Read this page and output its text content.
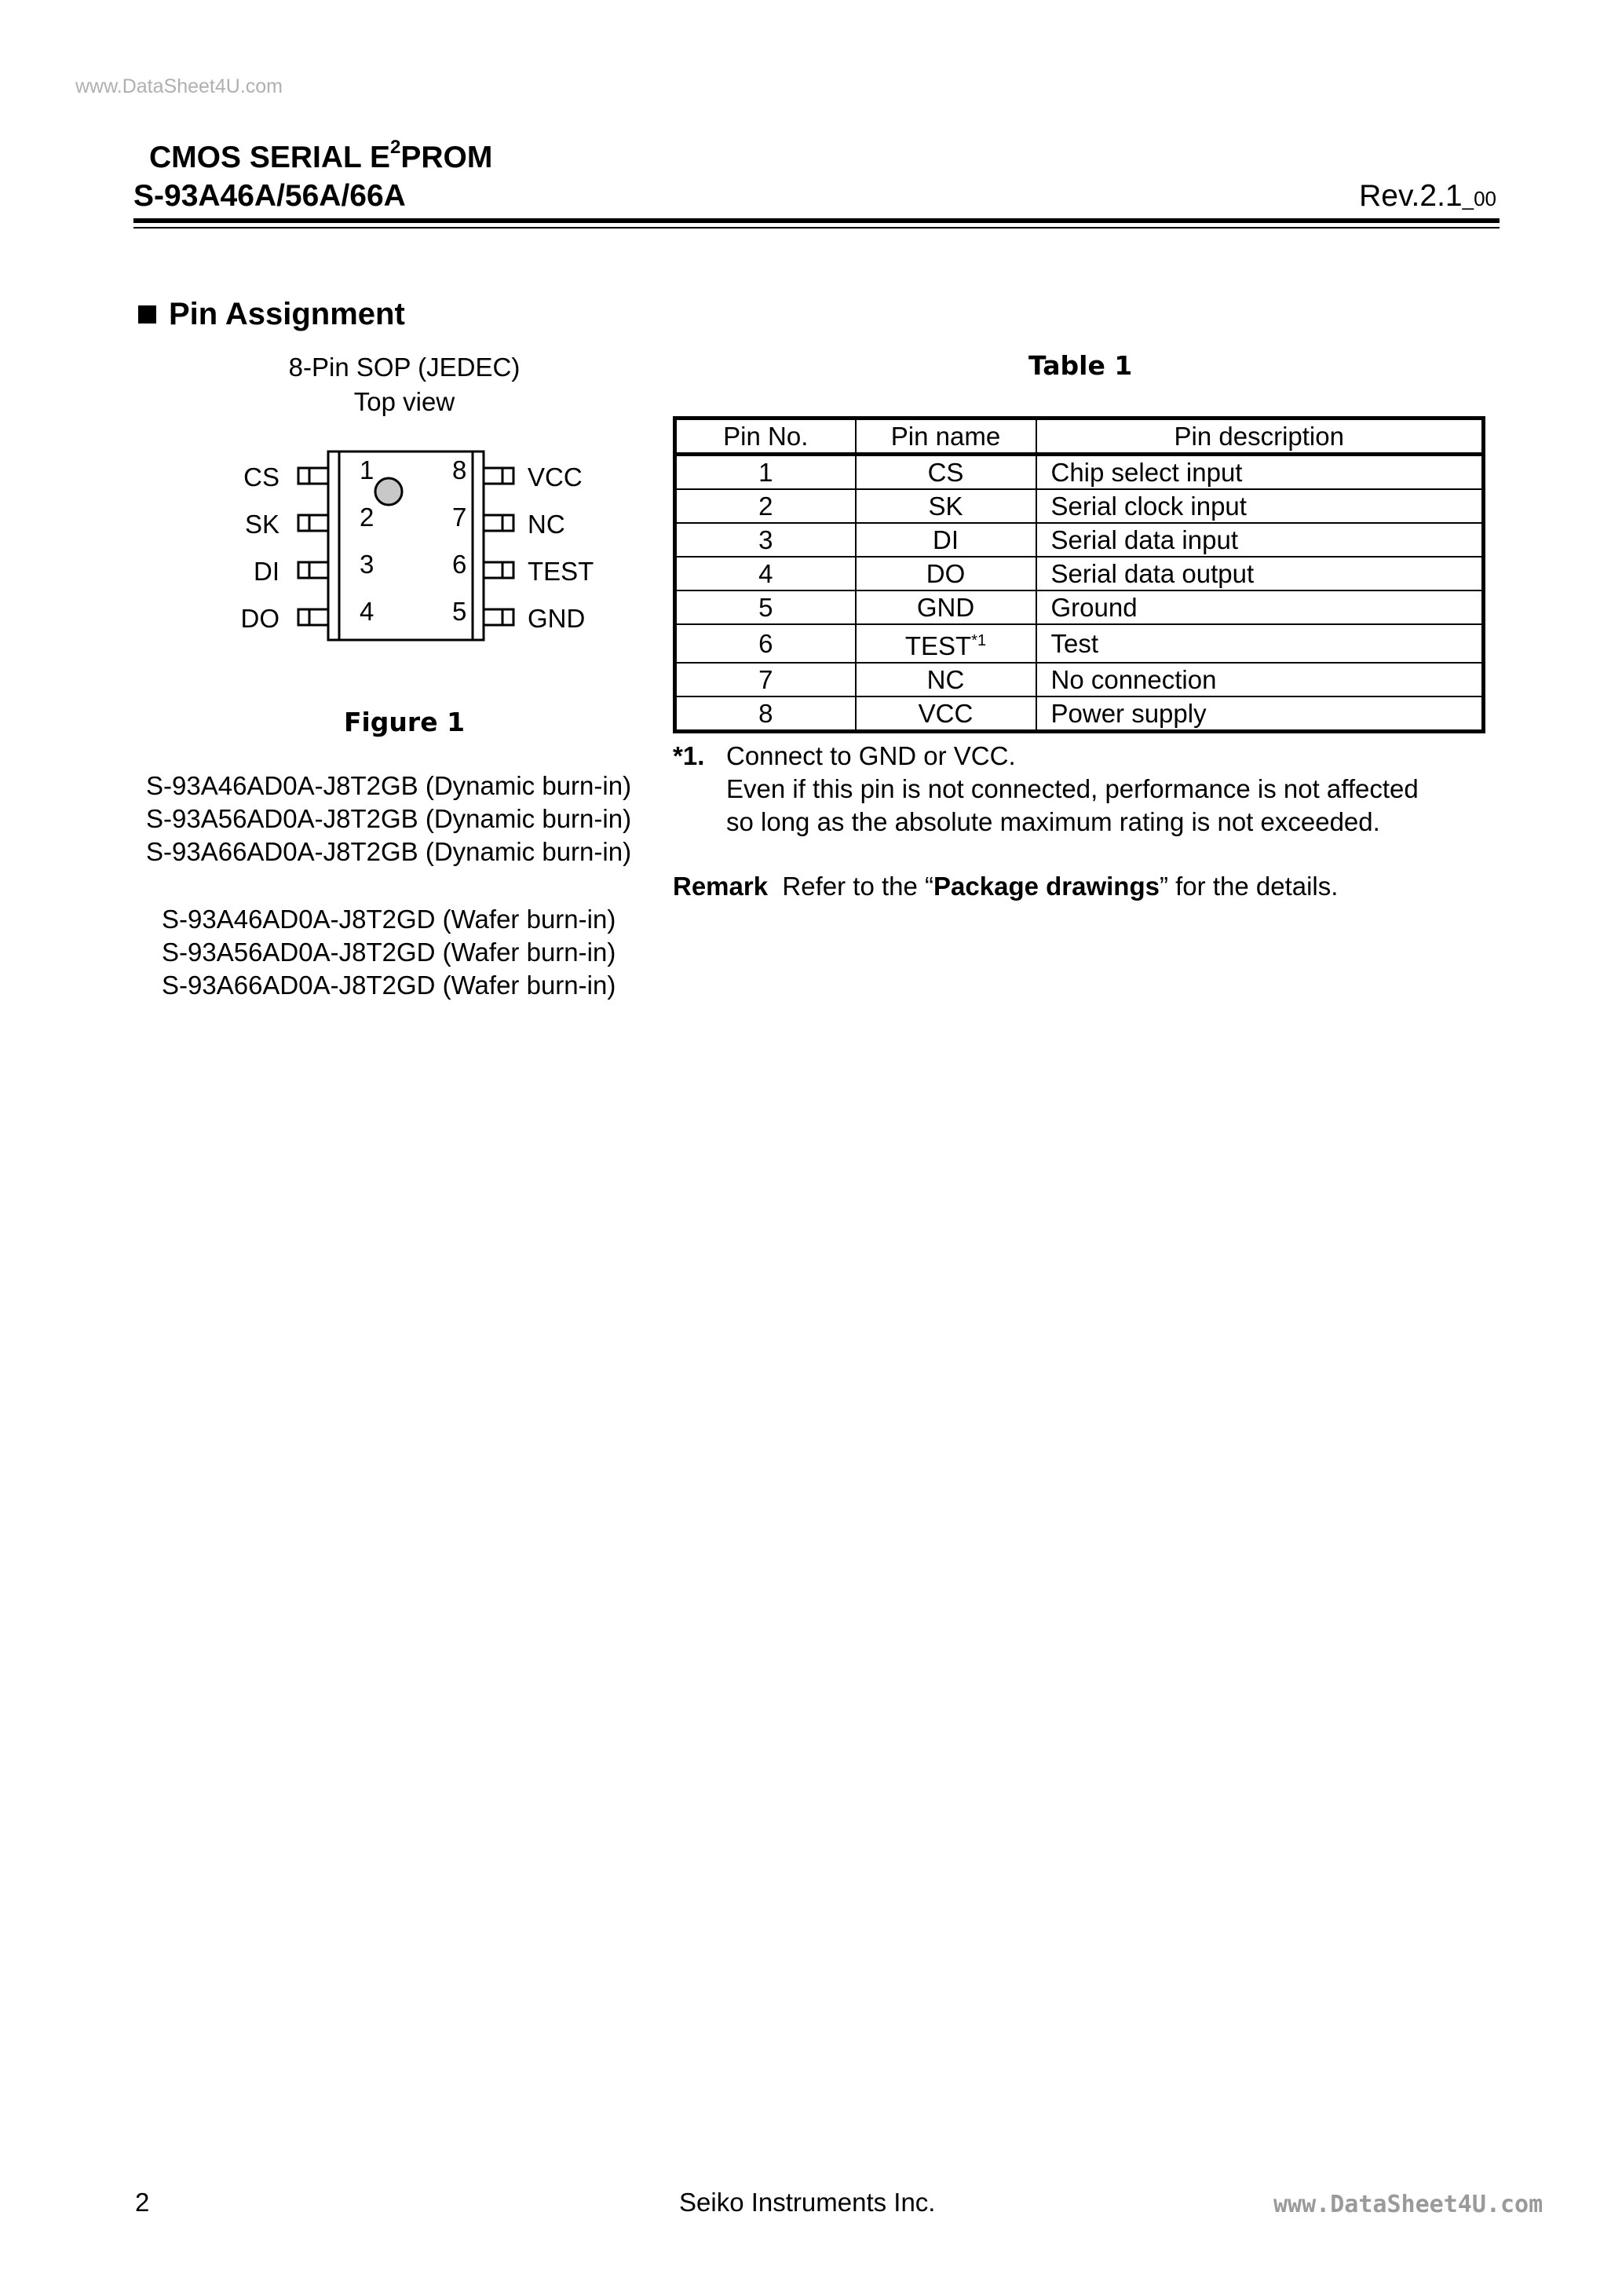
www.DataSheet4U.com
CMOS SERIAL $E^2PROM$
S-93A46A/56A/66A	Rev.2.1_00
Pin Assignment
8-Pin SOP (JEDEC)
Top view
CS
SK
DI
DO
1
2
3
4
8
7
6
5
VCC
NC
TEST
GND
Figure 1
S-93A46AD0A-J8T2GB (Dynamic burn-in)
S-93A56AD0A-J8T2GB (Dynamic burn-in)
S-93A66AD0A-J8T2GB (Dynamic burn-in)
S-93A46AD0A-J8T2GD (Wafer burn-in)
S-93A56AD0A-J8T2GD (Wafer burn-in)
S-93A66AD0A-J8T2GD (Wafer burn-in)
Table 1
Pin No.	Pin name	Pin description
1	CS	Chip select input
2	SK	Serial clock input
3	DI	Serial data input
4	DO	Serial data output
5	GND	Ground
6	TEST$^{*1}$	Test
7	NC	No connection
8	VCC	Power supply
*1. Connect to GND or VCC.
Even if this pin is not connected, performance is not affected
so long as the absolute maximum rating is not exceeded.
Remark Refer to the “Package drawings” for the details.
2	Seiko Instruments Inc.	www.DataSheet4U.com
